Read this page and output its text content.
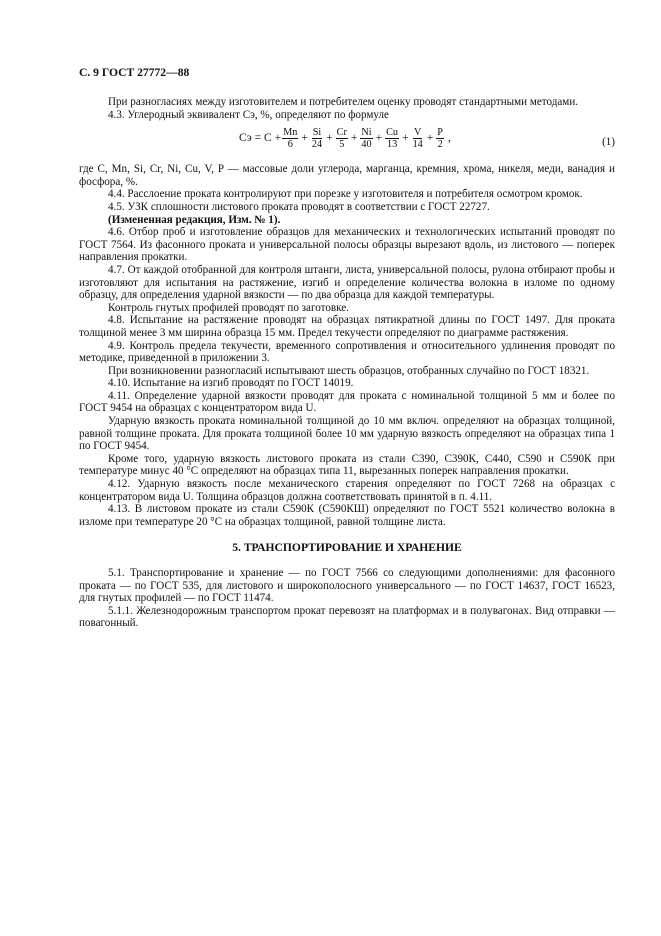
С. 9 ГОСТ 27772—88

При разногласиях между изготовителем и потребителем оценку проводят стандартными методами.

4.3. Углеродный эквивалент Cэ, %, определяют по формуле

Cэ = $C + \frac{Mn}{6} + \frac{Si}{24} + \frac{Cr}{5} + \frac{Ni}{40} + \frac{Cu}{13} + \frac{V}{14} + \frac{P}{2}$ ,	(1)

где C, Mn, Si, Cr, Ni, Cu, V, P — массовые доли углерода, марганца, кремния, хрома, никеля, меди, ванадия и фосфора, %.

4.4. Расслоение проката контролируют при порезке у изготовителя и потребителя осмотром кромок.

4.5. УЗК сплошности листового проката проводят в соответствии с ГОСТ 22727.

(Измененная редакция, Изм. № 1).

4.6. Отбор проб и изготовление образцов для механических и технологических испытаний проводят по ГОСТ 7564. Из фасонного проката и универсальной полосы образцы вырезают вдоль, из листового — поперек направления прокатки.

4.7. От каждой отобранной для контроля штанги, листа, универсальной полосы, рулона отбирают пробы и изготовляют для испытания на растяжение, изгиб и определение количества волокна в изломе по одному образцу, для определения ударной вязкости — по два образца для каждой температуры.

Контроль гнутых профилей проводят по заготовке.

4.8. Испытание на растяжение проводят на образцах пятикратной длины по ГОСТ 1497. Для проката толщиной менее 3 мм ширина образца 15 мм. Предел текучести определяют по диаграмме растяжения.

4.9. Контроль предела текучести, временного сопротивления и относительного удлинения проводят по методике, приведенной в приложении 3.

При возникновении разногласий испытывают шесть образцов, отобранных случайно по ГОСТ 18321.

4.10. Испытание на изгиб проводят по ГОСТ 14019.

4.11. Определение ударной вязкости проводят для проката с номинальной толщиной 5 мм и более по ГОСТ 9454 на образцах с концентратором вида U.

Ударную вязкость проката номинальной толщиной до 10 мм включ. определяют на образцах толщиной, равной толщине проката. Для проката толщиной более 10 мм ударную вязкость определяют на образцах типа 1 по ГОСТ 9454.

Кроме того, ударную вязкость листового проката из стали С390, С390К, С440, С590 и С590К при температуре минус 40 °С определяют на образцах типа 11, вырезанных поперек направления прокатки.

4.12. Ударную вязкость после механического старения определяют по ГОСТ 7268 на образцах с концентратором вида U. Толщина образцов должна соответствовать принятой в п. 4.11.

4.13. В листовом прокате из стали С590К (С590КШ) определяют по ГОСТ 5521 количество волокна в изломе при температуре 20 °С на образцах толщиной, равной толщине листа.

5. ТРАНСПОРТИРОВАНИЕ И ХРАНЕНИЕ

5.1. Транспортирование и хранение — по ГОСТ 7566 со следующими дополнениями: для фасонного проката — по ГОСТ 535, для листового и широкополосного универсального — по ГОСТ 14637, ГОСТ 16523, для гнутых профилей — по ГОСТ 11474.

5.1.1. Железнодорожным транспортом прокат перевозят на платформах и в полувагонах. Вид отправки — повагонный.
